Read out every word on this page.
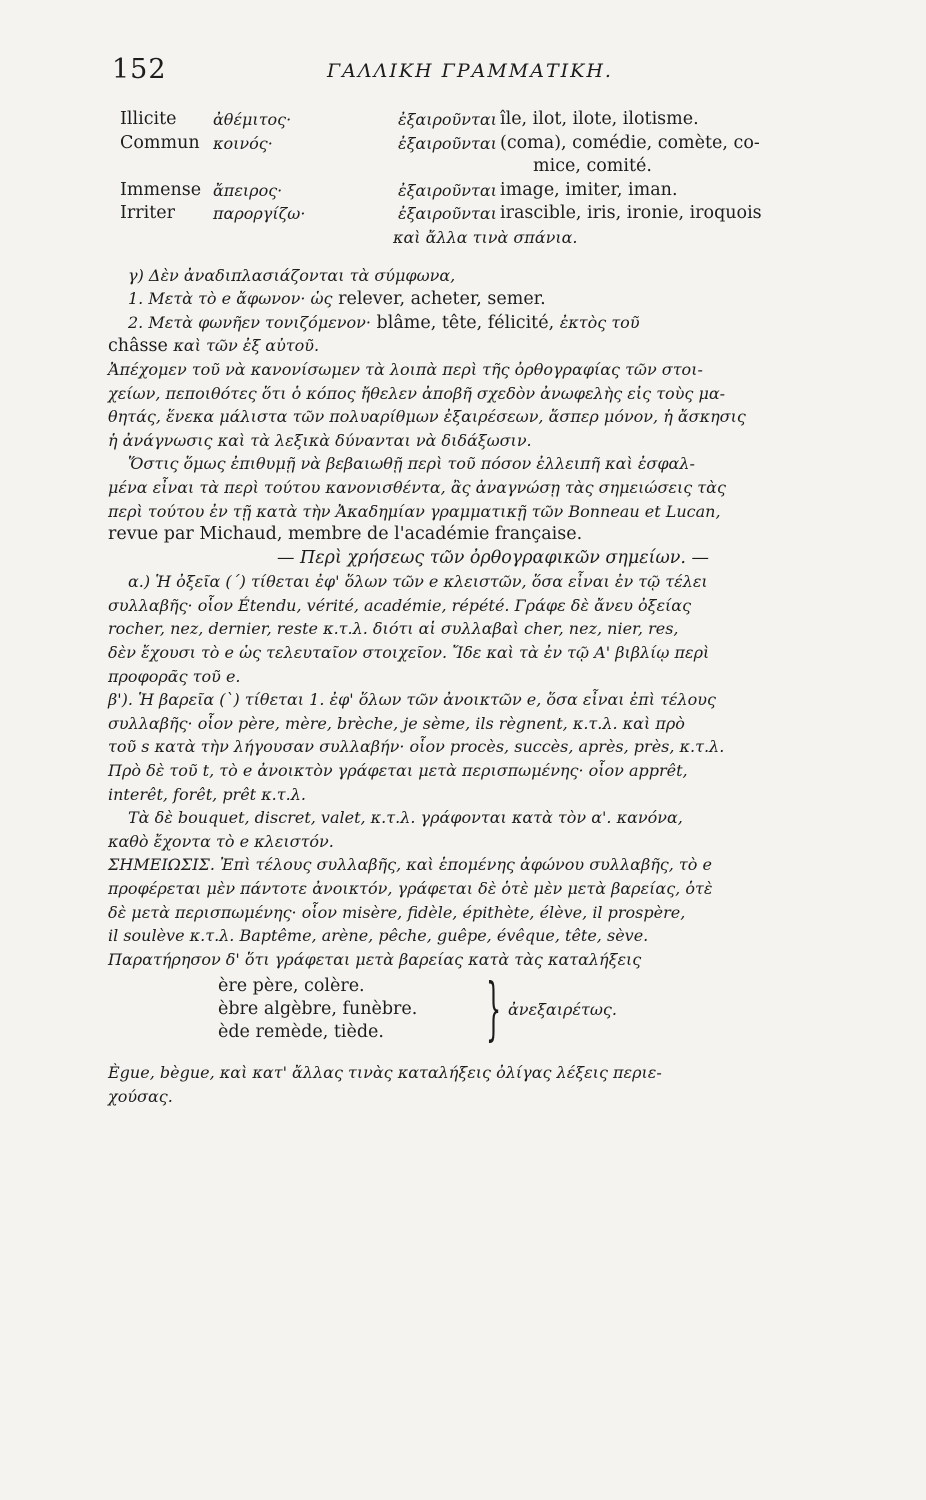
152	ΓΑΛΛΙΚΗ ΓΡΑΜΜΑΤΙΚΗ.
Illicite ἀθέμιτος·	ἐξαιροῦνται île, ilot, ilote, ilotisme.
Commun κοινός·	ἐξαιροῦνται (coma), comédie, comète, co-
mice, comité.
Immense ἄπειρος·	ἐξαιροῦνται image, imiter, iman.
Irriter παροργίζω·	ἐξαιροῦνται irascible, iris, ironie, iroquois
καὶ ἄλλα τινὰ σπάνια.
γ) Δὲν ἀναδιπλασιάζονται τὰ σύμφωνα,
1. Μετὰ τὸ e ἄφωνον· ὡς relever, acheter, semer.
2. Μετὰ φωνῆεν τονιζόμενον· blâme, tête, félicité, ἐκτὸς τοῦ
châsse καὶ τῶν ἐξ αὐτοῦ.
Ἀπέχομεν τοῦ νὰ κανονίσωμεν τὰ λοιπὰ περὶ τῆς ὀρθογραφίας τῶν στοι-
χείων, πεποιθότες ὅτι ὁ κόπος ἤθελεν ἀποβῆ σχεδὸν ἀνωφελὴς εἰς τοὺς μα-
θητάς, ἕνεκα μάλιστα τῶν πολυαρίθμων ἐξαιρέσεων, ἅσπερ μόνον, ἡ ἄσκησις
ἡ ἀνάγνωσις καὶ τὰ λεξικὰ δύνανται νὰ διδάξωσιν.
Ὅστις ὅμως ἐπιθυμῇ νὰ βεβαιωθῇ περὶ τοῦ πόσον ἐλλειπῆ καὶ ἐσφαλ-
μένα εἶναι τὰ περὶ τούτου κανονισθέντα, ἂς ἀναγνώσῃ τὰς σημειώσεις τὰς
περὶ τούτου ἐν τῇ κατὰ τὴν Ἀκαδημίαν γραμματικῇ τῶν Bonneau et Lucan,
revue par Michaud, membre de l'académie française.
— Περὶ χρήσεως τῶν ὀρθογραφικῶν σημείων. —
α.) Ἡ ὀξεῖα (´) τίθεται ἐφ' ὅλων τῶν e κλειστῶν, ὅσα εἶναι ἐν τῷ τέλει
συλλαβῆς· οἷον Étendu, vérité, académie, répété. Γράφε δὲ ἄνευ ὀξείας
rocher, nez, dernier, reste κ.τ.λ. διότι αἱ συλλαβαὶ cher, nez, nier, res,
δὲν ἔχουσι τὸ e ὡς τελευταῖον στοιχεῖον. Ἴδε καὶ τὰ ἐν τῷ Α' βιβλίῳ περὶ
προφορᾶς τοῦ e.
β'). Ἡ βαρεῖα (`) τίθεται 1. ἐφ' ὅλων τῶν ἀνοικτῶν e, ὅσα εἶναι ἐπὶ τέλους
συλλαβῆς· οἷον père, mère, brèche, je sème, ils règnent, κ.τ.λ. καὶ πρὸ
τοῦ s κατὰ τὴν λήγουσαν συλλαβήν· οἷον procès, succès, après, près, κ.τ.λ.
Πρὸ δὲ τοῦ t, τὸ e ἀνοικτὸν γράφεται μετὰ περισπωμένης· οἷον apprêt,
interêt, forêt, prêt κ.τ.λ.
Τὰ δὲ bouquet, discret, valet, κ.τ.λ. γράφονται κατὰ τὸν α'. κανόνα,
καθὸ ἔχοντα τὸ e κλειστόν.
ΣΗΜΕΙΩΣΙΣ. Ἐπὶ τέλους συλλαβῆς, καὶ ἑπομένης ἀφώνου συλλαβῆς, τὸ e
προφέρεται μὲν πάντοτε ἀνοικτόν, γράφεται δὲ ὁτὲ μὲν μετὰ βαρείας, ὁτὲ
δὲ μετὰ περισπωμένης· οἷον misère, fidèle, épithète, élève, il prospère,
il soulève κ.τ.λ. Baptême, arène, pêche, guêpe, évêque, tête, sève.
Παρατήρησον δ' ὅτι γράφεται μετὰ βαρείας κατὰ τὰς καταλήξεις
ère père, colère.
èbre algèbre, funèbre.
ède remède, tiède.	} ἀνεξαιρέτως.
Ègue, bègue, καὶ κατ' ἄλλας τινὰς καταλήξεις ὀλίγας λέξεις περιε-
χούσας.
